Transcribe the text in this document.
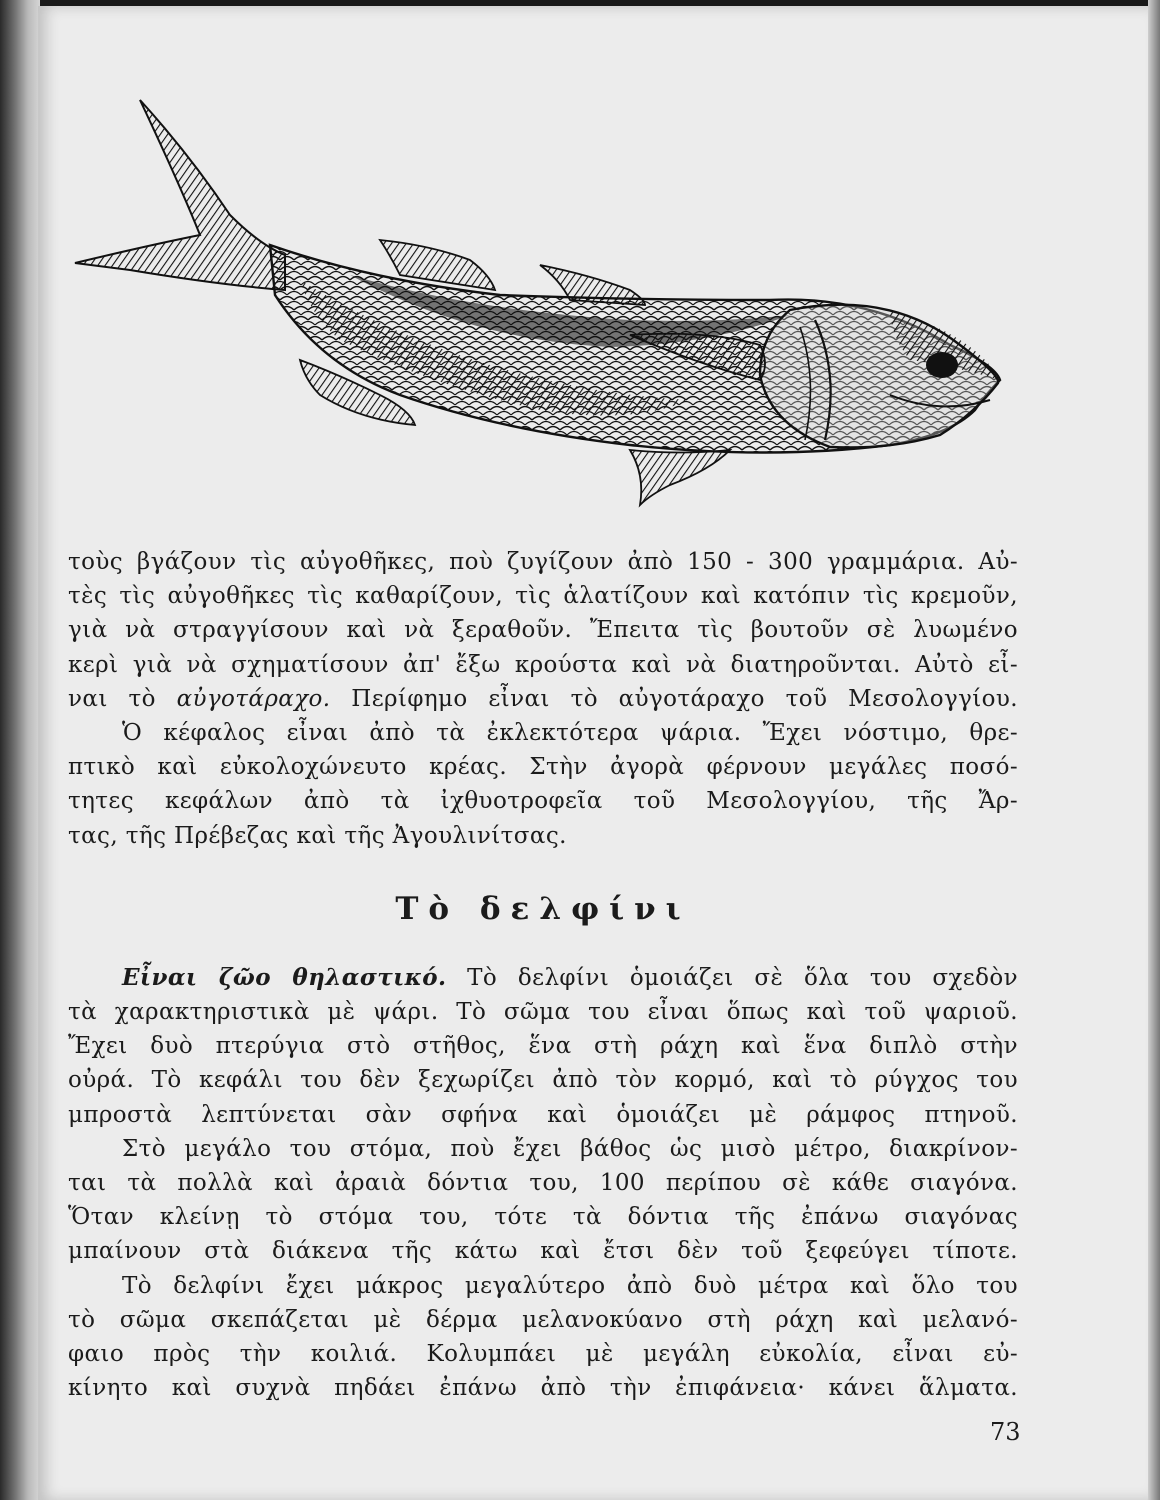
τοὺς βγάζουν τὶς αὐγοθῆκες, ποὺ ζυγίζουν ἀπὸ 150 - 300 γραμμάρια. Αὐ-
τὲς τὶς αὐγοθῆκες τὶς καθαρίζουν, τὶς ἁλατίζουν καὶ κατόπιν τὶς κρεμοῦν,
γιὰ νὰ στραγγίσουν καὶ νὰ ξεραθοῦν. Ἔπειτα τὶς βουτοῦν σὲ λυωμένο
κερὶ γιὰ νὰ σχηματίσουν ἀπ' ἔξω κρούστα καὶ νὰ διατηροῦνται. Αὐτὸ εἶ-
ναι τὸ αὐγοτάραχο. Περίφημο εἶναι τὸ αὐγοτάραχο τοῦ Μεσολογγίου.

Ὁ κέφαλος εἶναι ἀπὸ τὰ ἐκλεκτότερα ψάρια. Ἔχει νόστιμο, θρε-
πτικὸ καὶ εὐκολοχώνευτο κρέας. Στὴν ἀγορὰ φέρνουν μεγάλες ποσό-
τητες κεφάλων ἀπὸ τὰ ἰχθυοτροφεῖα τοῦ Μεσολογγίου, τῆς Ἄρ-
τας, τῆς Πρέβεζας καὶ τῆς Ἀγουλινίτσας.

Τὸ δελφίνι

Εἶναι ζῶο θηλαστικό. Τὸ δελφίνι ὁμοιάζει σὲ ὅλα του σχεδὸν
τὰ χαρακτηριστικὰ μὲ ψάρι. Τὸ σῶμα του εἶναι ὅπως καὶ τοῦ ψαριοῦ.
Ἔχει δυὸ πτερύγια στὸ στῆθος, ἕνα στὴ ράχη καὶ ἕνα διπλὸ στὴν
οὐρά. Τὸ κεφάλι του δὲν ξεχωρίζει ἀπὸ τὸν κορμό, καὶ τὸ ρύγχος του
μπροστὰ λεπτύνεται σὰν σφήνα καὶ ὁμοιάζει μὲ ράμφος πτηνοῦ.

Στὸ μεγάλο του στόμα, ποὺ ἔχει βάθος ὡς μισὸ μέτρο, διακρίνον-
ται τὰ πολλὰ καὶ ἀραιὰ δόντια του, 100 περίπου σὲ κάθε σιαγόνα.
Ὅταν κλείνῃ τὸ στόμα του, τότε τὰ δόντια τῆς ἐπάνω σιαγόνας
μπαίνουν στὰ διάκενα τῆς κάτω καὶ ἔτσι δὲν τοῦ ξεφεύγει τίποτε.

Τὸ δελφίνι ἔχει μάκρος μεγαλύτερο ἀπὸ δυὸ μέτρα καὶ ὅλο του
τὸ σῶμα σκεπάζεται μὲ δέρμα μελανοκύανο στὴ ράχη καὶ μελανό-
φαιο πρὸς τὴν κοιλιά. Κολυμπάει μὲ μεγάλη εὐκολία, εἶναι εὐ-
κίνητο καὶ συχνὰ πηδάει ἐπάνω ἀπὸ τὴν ἐπιφάνεια· κάνει ἅλματα.

73
